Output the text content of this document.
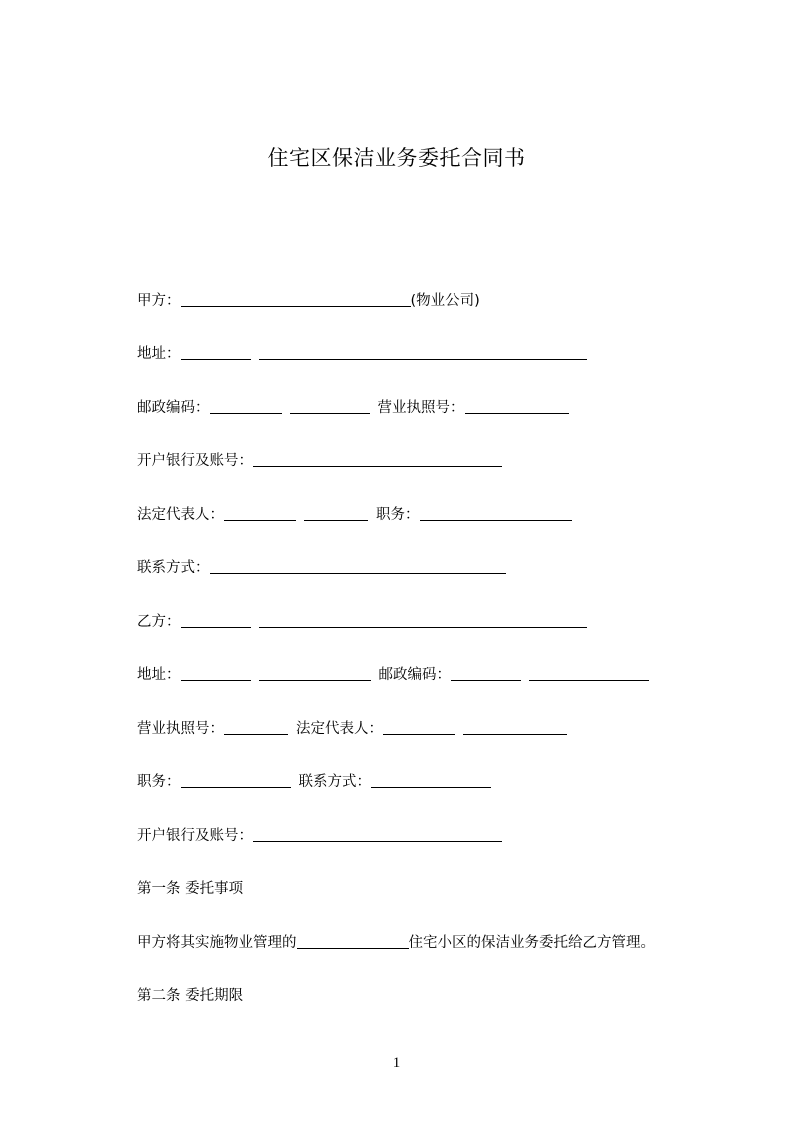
住宅区保洁业务委托合同书
甲方：	(物业公司)
地址：
邮政编码：	营业执照号：
开户银行及账号：
法定代表人：	职务：
联系方式：
乙方：
地址：	邮政编码：
营业执照号：	法定代表人：
职务：	联系方式：
开户银行及账号：
第一条 委托事项
甲方将其实施物业管理的	住宅小区的保洁业务委托给乙方管理。
第二条 委托期限
1
